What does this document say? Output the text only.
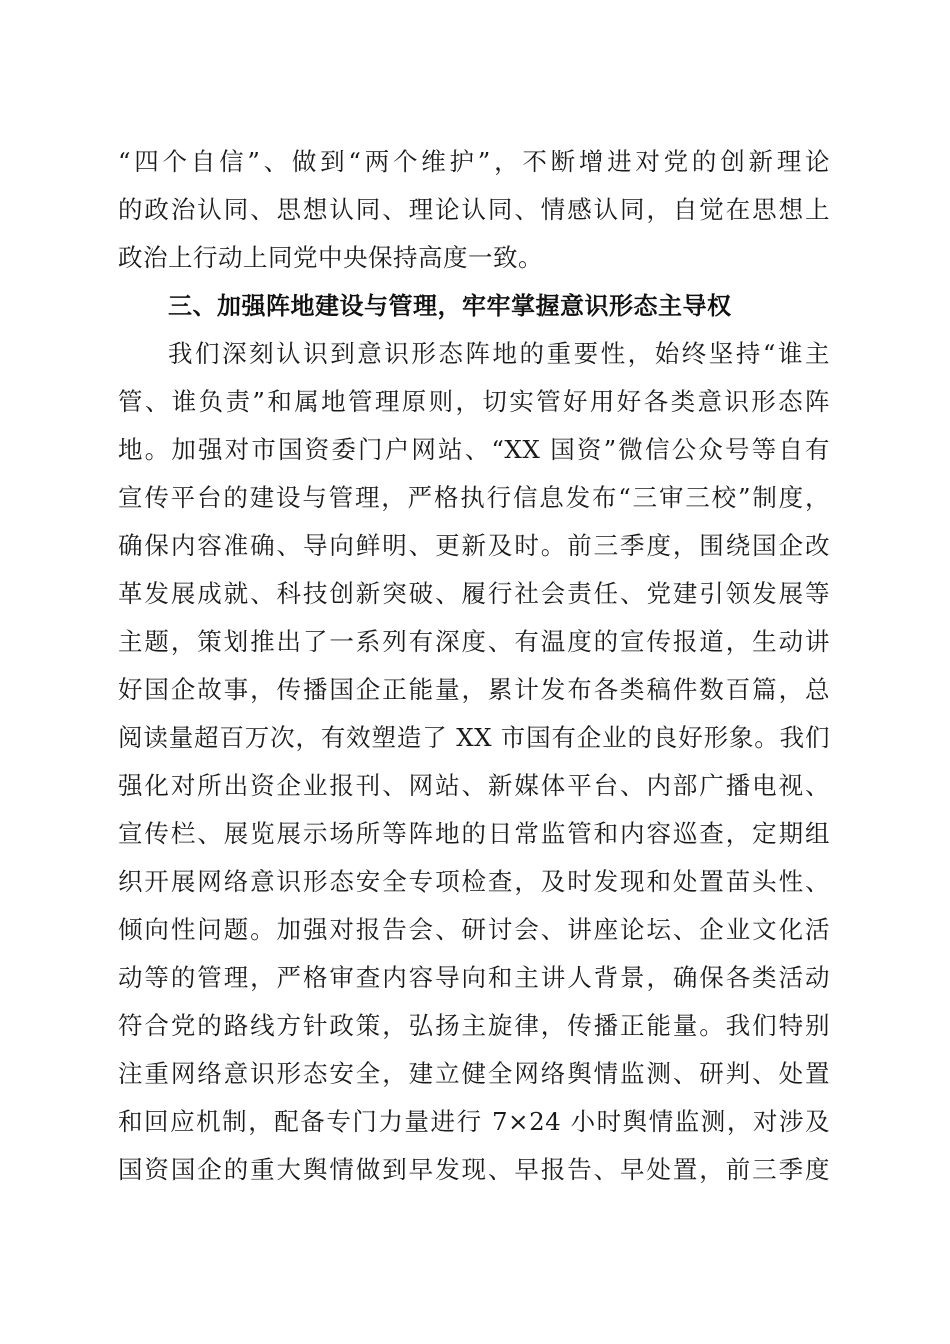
“四个自信”、做到“两个维护”，不断增进对党的创新理论

的政治认同、思想认同、理论认同、情感认同，自觉在思想上

政治上行动上同党中央保持高度一致。

三、加强阵地建设与管理，牢牢掌握意识形态主导权

我们深刻认识到意识形态阵地的重要性，始终坚持“谁主

管、谁负责”和属地管理原则，切实管好用好各类意识形态阵

地。加强对市国资委门户网站、“XX 国资”微信公众号等自有

宣传平台的建设与管理，严格执行信息发布“三审三校”制度，

确保内容准确、导向鲜明、更新及时。前三季度，围绕国企改

革发展成就、科技创新突破、履行社会责任、党建引领发展等

主题，策划推出了一系列有深度、有温度的宣传报道，生动讲

好国企故事，传播国企正能量，累计发布各类稿件数百篇，总

阅读量超百万次，有效塑造了 XX 市国有企业的良好形象。我们

强化对所出资企业报刊、网站、新媒体平台、内部广播电视、

宣传栏、展览展示场所等阵地的日常监管和内容巡查，定期组

织开展网络意识形态安全专项检查，及时发现和处置苗头性、

倾向性问题。加强对报告会、研讨会、讲座论坛、企业文化活

动等的管理，严格审查内容导向和主讲人背景，确保各类活动

符合党的路线方针政策，弘扬主旋律，传播正能量。我们特别

注重网络意识形态安全，建立健全网络舆情监测、研判、处置

和回应机制，配备专门力量进行 7×24 小时舆情监测，对涉及

国资国企的重大舆情做到早发现、早报告、早处置，前三季度
